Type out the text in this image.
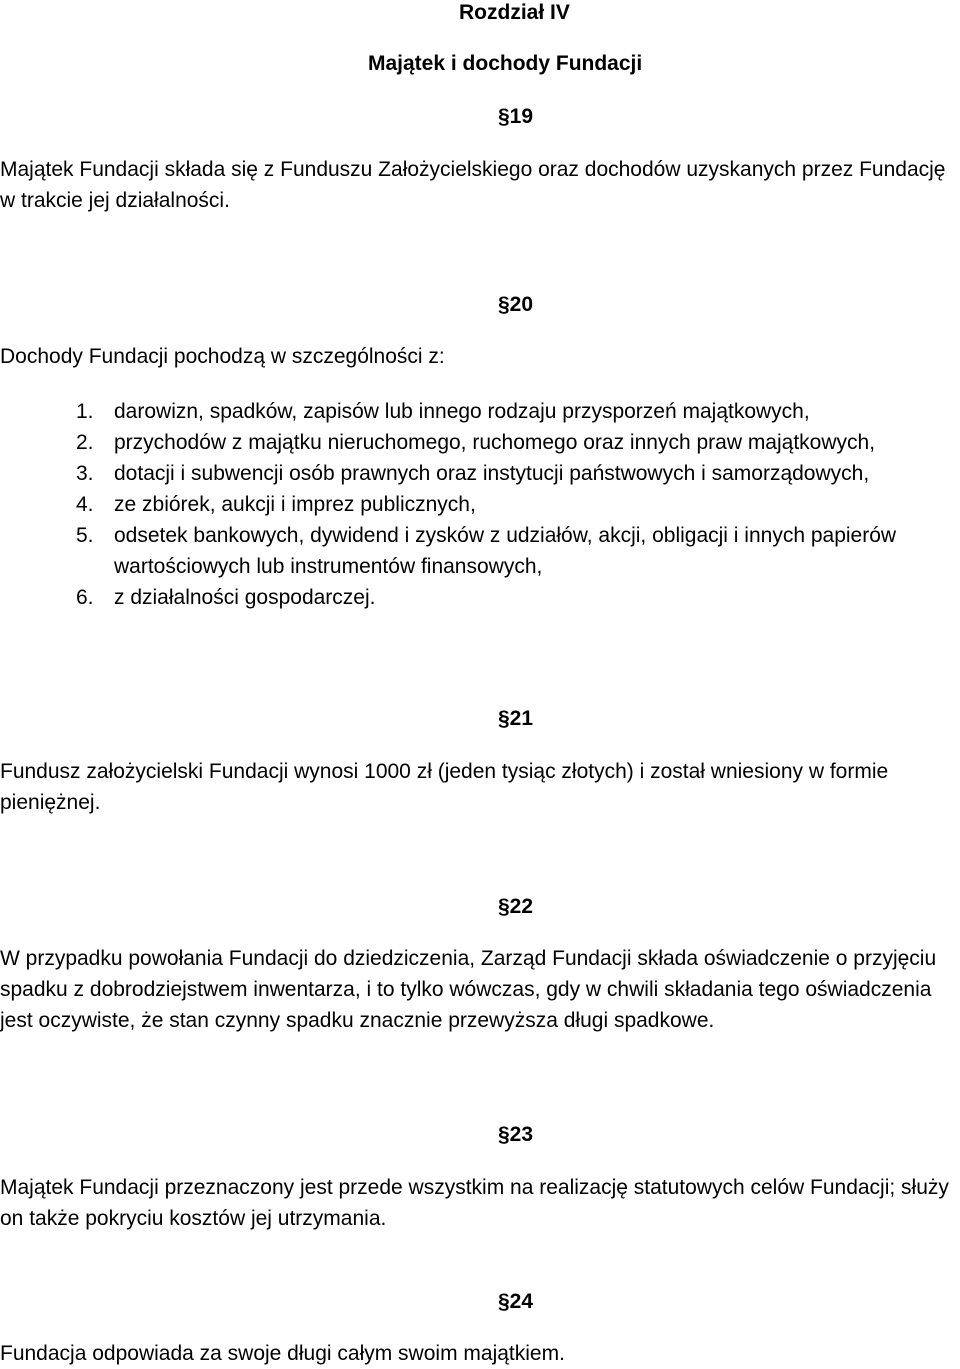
Rozdział IV
Majątek i dochody Fundacji
§19

Majątek Fundacji składa się z Funduszu Założycielskiego oraz dochodów uzyskanych przez Fundację w trakcie jej działalności.

§20

Dochody Fundacji pochodzą w szczególności z:

1. darowizn, spadków, zapisów lub innego rodzaju przysporzeń majątkowych,
2. przychodów z majątku nieruchomego, ruchomego oraz innych praw majątkowych,
3. dotacji i subwencji osób prawnych oraz instytucji państwowych i samorządowych,
4. ze zbiórek, aukcji i imprez publicznych,
5. odsetek bankowych, dywidend i zysków z udziałów, akcji, obligacji i innych papierów wartościowych lub instrumentów finansowych,
6. z działalności gospodarczej.
§21

Fundusz założycielski Fundacji wynosi 1000 zł (jeden tysiąc złotych) i został wniesiony w formie pieniężnej.

§22

W przypadku powołania Fundacji do dziedziczenia, Zarząd Fundacji składa oświadczenie o przyjęciu spadku z dobrodziejstwem inwentarza, i to tylko wówczas, gdy w chwili składania tego oświadczenia jest oczywiste, że stan czynny spadku znacznie przewyższa długi spadkowe.

§23

Majątek Fundacji przeznaczony jest przede wszystkim na realizację statutowych celów Fundacji; służy on także pokryciu kosztów jej utrzymania.

§24

Fundacja odpowiada za swoje długi całym swoim majątkiem.
